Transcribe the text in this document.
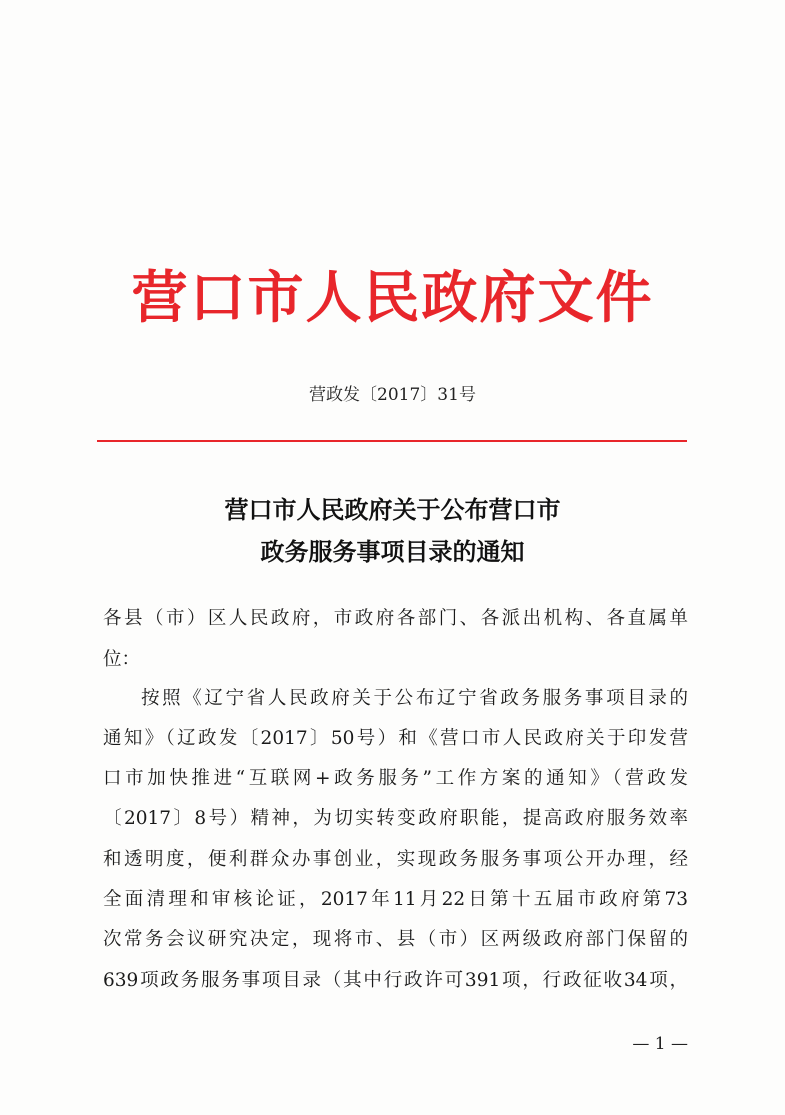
营口市人民政府文件
营政发〔2017〕31号
营口市人民政府关于公布营口市
政务服务事项目录的通知
各县（市）区人民政府，市政府各部门、各派出机构、各直属单
位：
按照《辽宁省人民政府关于公布辽宁省政务服务事项目录的
通知》（辽政发〔2017〕50号）和《营口市人民政府关于印发营
口市加快推进“互联网+政务服务”工作方案的通知》（营政发
〔2017〕8号）精神，为切实转变政府职能，提高政府服务效率
和透明度，便利群众办事创业，实现政务服务事项公开办理，经
全面清理和审核论证，2017年11月22日第十五届市政府第73
次常务会议研究决定，现将市、县（市）区两级政府部门保留的
639项政务服务事项目录（其中行政许可391项，行政征收34项，
— 1 —
